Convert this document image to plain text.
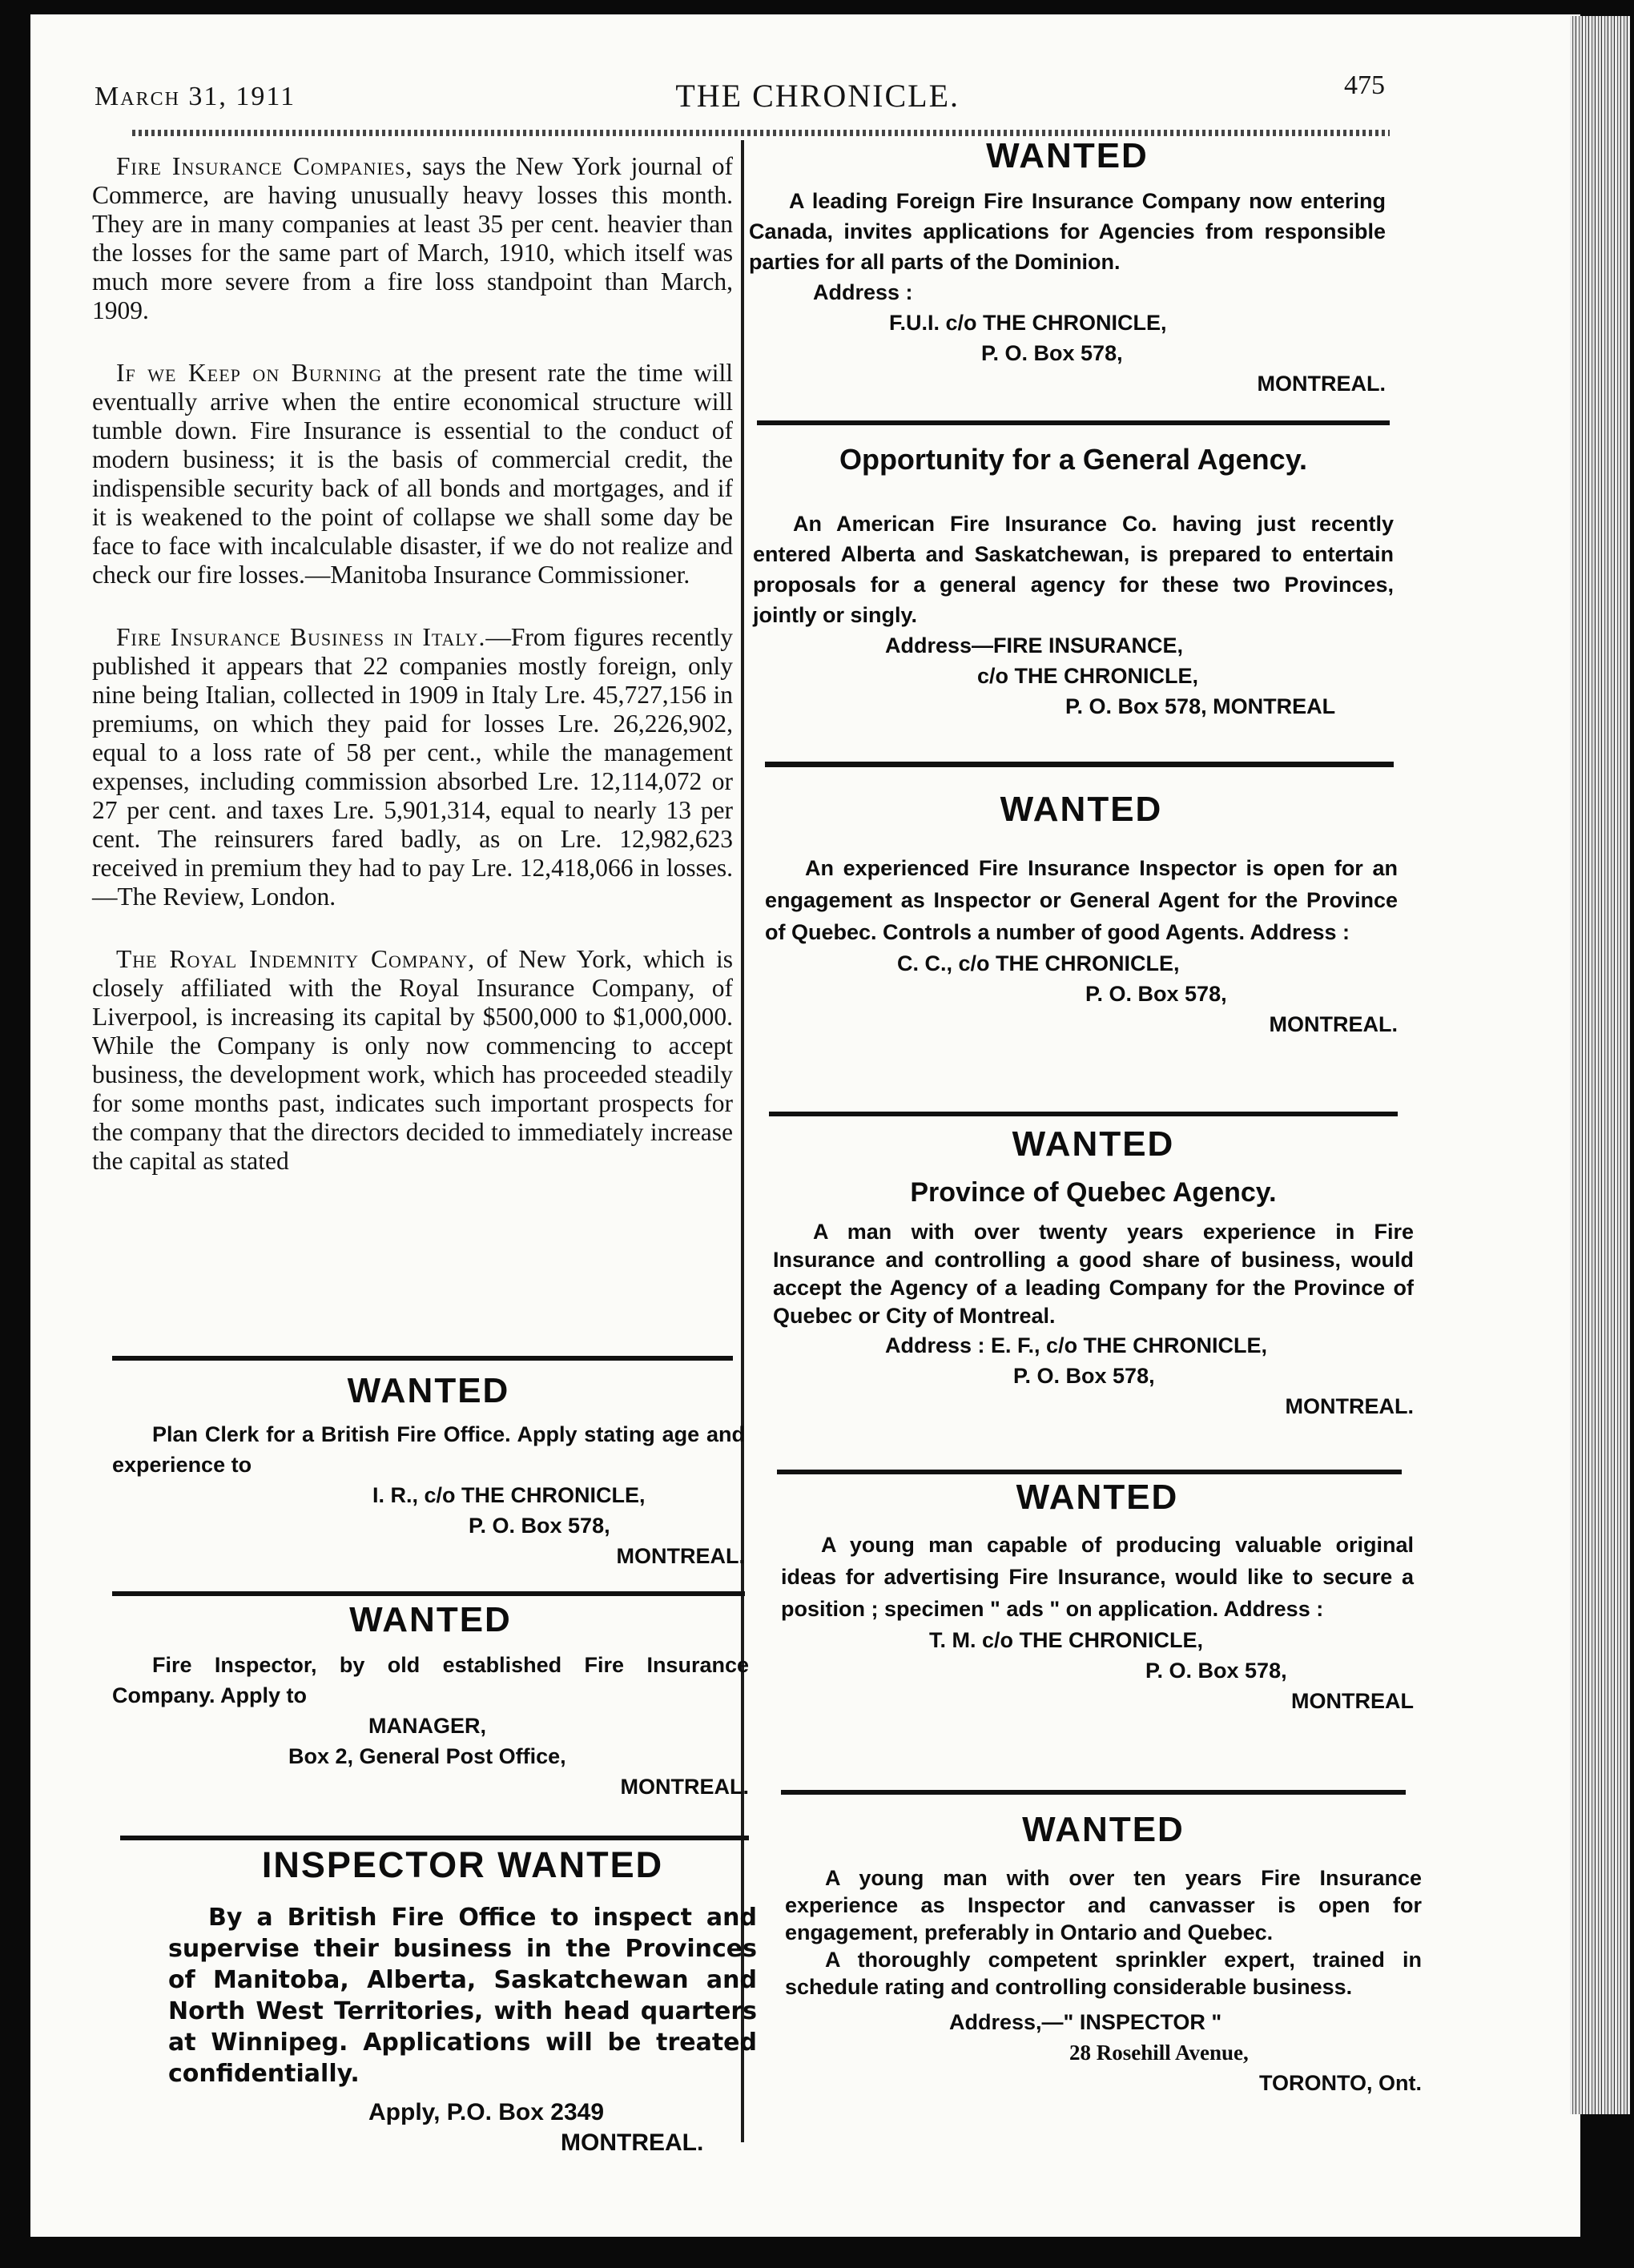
March 31, 1911	THE CHRONICLE.	475

Fire Insurance Companies, says the New York journal of Commerce, are having unusually heavy losses this month. They are in many companies at least 35 per cent. heavier than the losses for the same part of March, 1910, which itself was much more severe from a fire loss standpoint than March, 1909.

If we Keep on Burning at the present rate the time will eventually arrive when the entire economical structure will tumble down. Fire Insurance is essential to the conduct of modern business; it is the basis of commercial credit, the indispensible security back of all bonds and mortgages, and if it is weakened to the point of collapse we shall some day be face to face with incalculable disaster, if we do not realize and check our fire losses.—Manitoba Insurance Commissioner.

Fire Insurance Business in Italy.—From figures recently published it appears that 22 companies mostly foreign, only nine being Italian, collected in 1909 in Italy Lre. 45,727,156 in premiums, on which they paid for losses Lre. 26,226,902, equal to a loss rate of 58 per cent., while the management expenses, including commission absorbed Lre. 12,114,072 or 27 per cent. and taxes Lre. 5,901,314, equal to nearly 13 per cent. The reinsurers fared badly, as on Lre. 12,982,623 received in premium they had to pay Lre. 12,418,066 in losses.—The Review, London.

The Royal Indemnity Company, of New York, which is closely affiliated with the Royal Insurance Company, of Liverpool, is increasing its capital by $500,000 to $1,000,000. While the Company is only now commencing to accept business, the development work, which has proceeded steadily for some months past, indicates such important prospects for the company that the directors decided to immediately increase the capital as stated

WANTED

Plan Clerk for a British Fire Office. Apply stating age and experience to

I. R., c/o THE CHRONICLE,

P. O. Box 578,

MONTREAL.

WANTED

Fire Inspector, by old established Fire Insurance Company. Apply to

MANAGER,

Box 2, General Post Office,

MONTREAL.

INSPECTOR WANTED

By a British Fire Office to inspect and supervise their business in the Provinces of Manitoba, Alberta, Saskatchewan and North West Territories, with head quarters at Winnipeg. Applications will be treated confidentially.

Apply, P.O. Box 2349

MONTREAL.

WANTED

A leading Foreign Fire Insurance Company now entering Canada, invites applications for Agencies from responsible parties for all parts of the Dominion.

Address :

F.U.I. c/o THE CHRONICLE,

P. O. Box 578,

MONTREAL.

Opportunity for a General Agency.

An American Fire Insurance Co. having just recently entered Alberta and Saskatchewan, is prepared to entertain proposals for a general agency for these two Provinces, jointly or singly.

Address—FIRE INSURANCE,

c/o THE CHRONICLE,

P. O. Box 578, MONTREAL

WANTED

An experienced Fire Insurance Inspector is open for an engagement as Inspector or General Agent for the Province of Quebec. Controls a number of good Agents. Address :

C. C., c/o THE CHRONICLE,

P. O. Box 578,

MONTREAL.

WANTED

Province of Quebec Agency.

A man with over twenty years experience in Fire Insurance and controlling a good share of business, would accept the Agency of a leading Company for the Province of Quebec or City of Montreal.

Address : E. F., c/o THE CHRONICLE,

P. O. Box 578,

MONTREAL.

WANTED

A young man capable of producing valuable original ideas for advertising Fire Insurance, would like to secure a position ; specimen " ads " on application. Address :

T. M. c/o THE CHRONICLE,

P. O. Box 578,

MONTREAL

WANTED

A young man with over ten years Fire Insurance experience as Inspector and canvasser is open for engagement, preferably in Ontario and Quebec.

A thoroughly competent sprinkler expert, trained in schedule rating and controlling considerable business.

Address,—" INSPECTOR "

28 Rosehill Avenue,

TORONTO, Ont.
